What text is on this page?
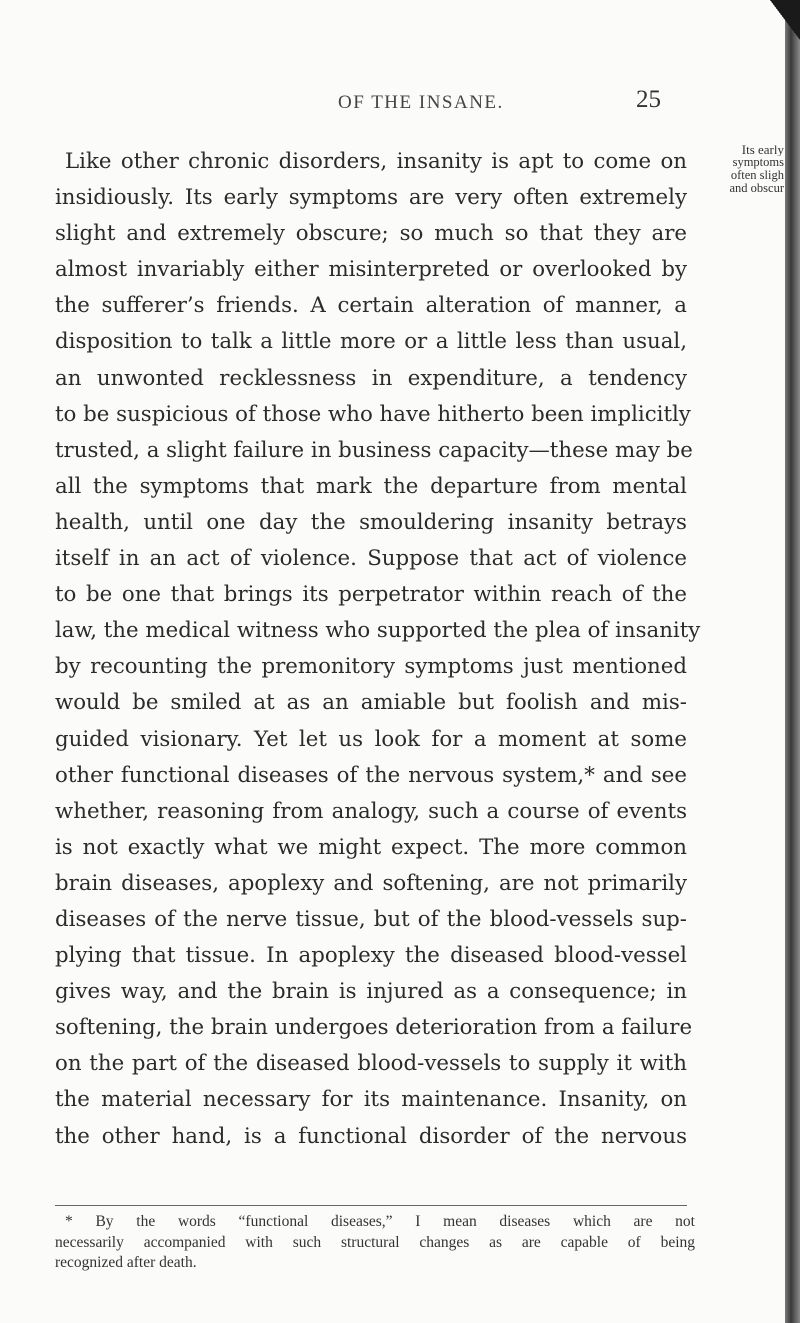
OF THE INSANE.	25
Its early
symptoms
often sligh
and obscur
Like other chronic disorders, insanity is apt to come on
insidiously. Its early symptoms are very often extremely
slight and extremely obscure; so much so that they are
almost invariably either misinterpreted or overlooked by
the sufferer’s friends. A certain alteration of manner, a
disposition to talk a little more or a little less than usual,
an unwonted recklessness in expenditure, a tendency
to be suspicious of those who have hitherto been implicitly
trusted, a slight failure in business capacity—these may be
all the symptoms that mark the departure from mental
health, until one day the smouldering insanity betrays
itself in an act of violence. Suppose that act of violence
to be one that brings its perpetrator within reach of the
law, the medical witness who supported the plea of insanity
by recounting the premonitory symptoms just mentioned
would be smiled at as an amiable but foolish and mis-
guided visionary. Yet let us look for a moment at some
other functional diseases of the nervous system,* and see
whether, reasoning from analogy, such a course of events
is not exactly what we might expect. The more common
brain diseases, apoplexy and softening, are not primarily
diseases of the nerve tissue, but of the blood-vessels sup-
plying that tissue. In apoplexy the diseased blood-vessel
gives way, and the brain is injured as a consequence; in
softening, the brain undergoes deterioration from a failure
on the part of the diseased blood-vessels to supply it with
the material necessary for its maintenance. Insanity, on
the other hand, is a functional disorder of the nervous
* By the words “functional diseases,” I mean diseases which are not
necessarily accompanied with such structural changes as are capable of being
recognized after death.
